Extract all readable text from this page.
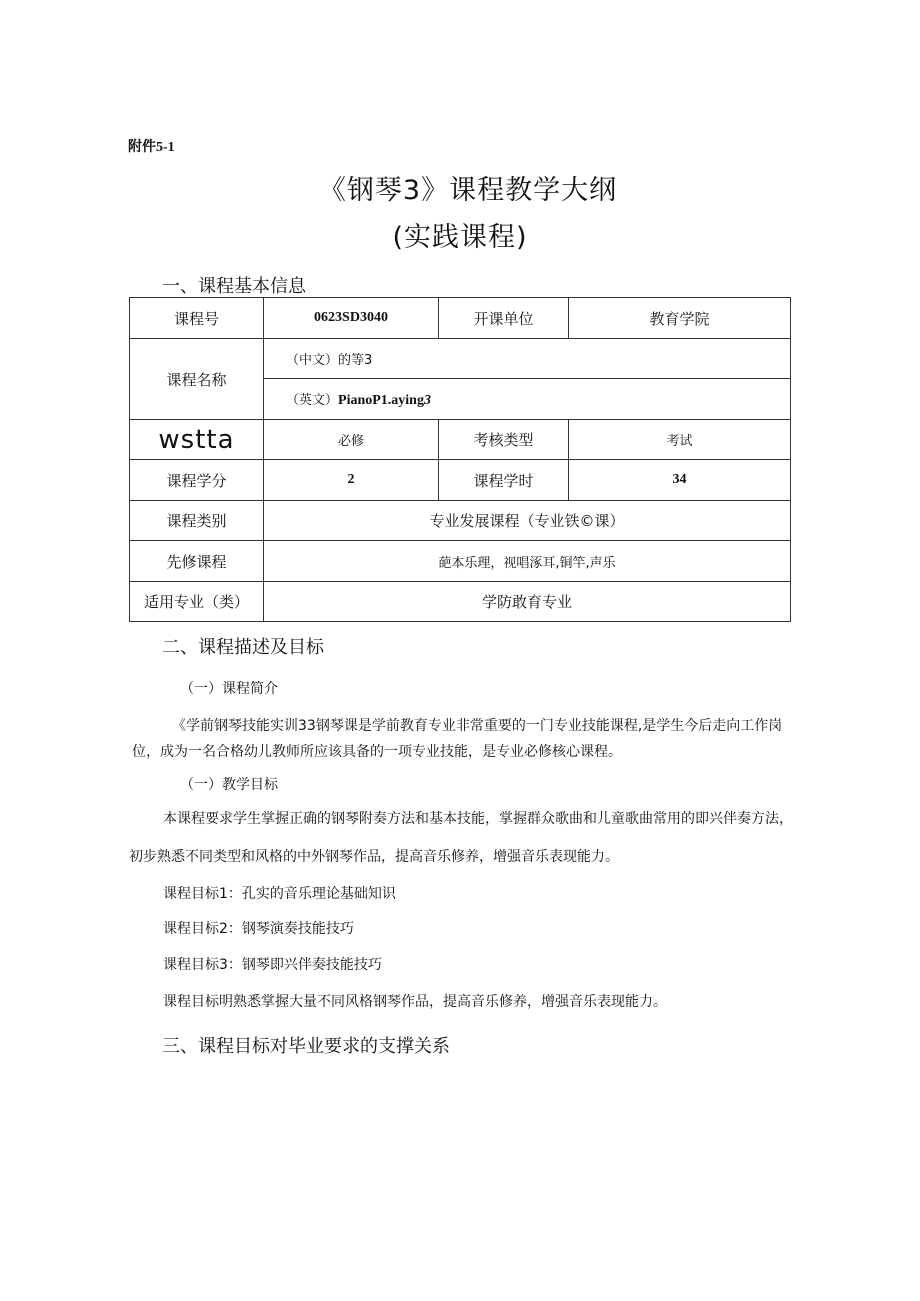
附件5-1
《钢琴3》课程教学大纲
(实践课程)
一、课程基本信息
课程号	0623SD3040	开课单位	教育学院
课程名称	（中文）的等3		
	（英文）PianoP1.aying3		
wstta	必修	考核类型	考试
课程学分	2	课程学时	34
课程类别	专业发展课程（专业铁©课）		
先修课程	葩本乐理，视唱涿耳,铜竿,声乐		
适用专业（类）	学防敢育专业		
二、课程描述及目标
（一）课程简介
《学前钢琴技能实训33钢琴课是学前教育专业非常重要的一门专业技能课程,是学生今后走向工作岗位，成为一名合格幼儿教师所应该具备的一项专业技能，是专业必修核心课程。
（一）教学目标
本课程要求学生掌握正确的钢琴附奏方法和基本技能，掌握群众歌曲和儿童歌曲常用的即兴伴奏方法，
初步熟悉不同类型和风格的中外钢琴作品，提高音乐修养，增强音乐表现能力。
课程目标1：孔实的音乐理论基础知识
课程目标2：钢琴演奏技能技巧
课程目标3：钢琴即兴伴奏技能技巧
课程目标明熟悉掌握大量不同风格钢琴作品，提高音乐修养，增强音乐表现能力。
三、课程目标对毕业要求的支撑关系
